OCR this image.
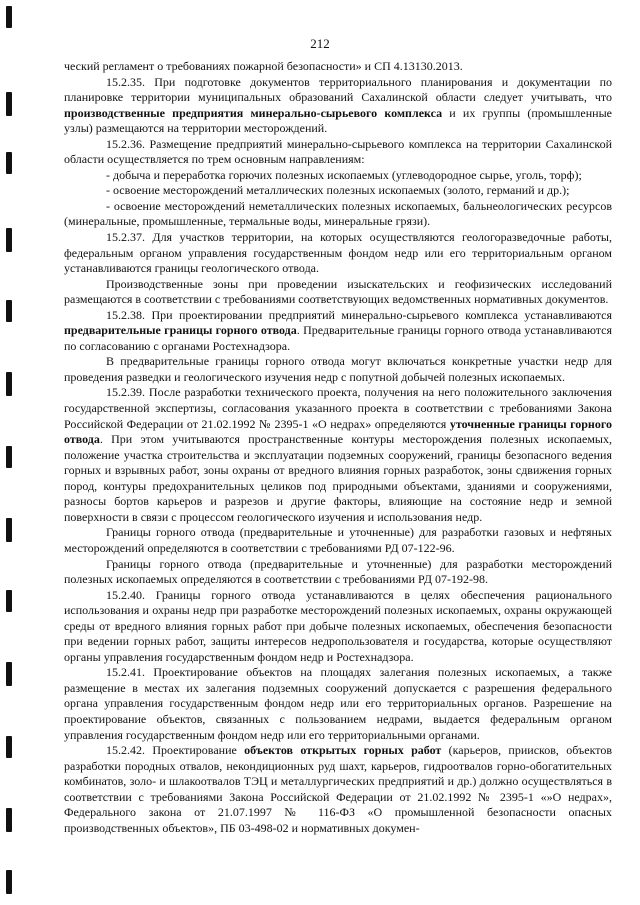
212

ческий регламент о требованиях пожарной безопасности» и СП 4.13130.2013.

15.2.35. При подготовке документов территориального планирования и документации по планировке территории муниципальных образований Сахалинской области следует учитывать, что производственные предприятия минерально-сырьевого комплекса и их группы (промышленные узлы) размещаются на территории месторождений.

15.2.36. Размещение предприятий минерально-сырьевого комплекса на территории Сахалинской области осуществляется по трем основным направлениям:

- добыча и переработка горючих полезных ископаемых (углеводородное сырье, уголь, торф);

- освоение месторождений металлических полезных ископаемых (золото, германий и др.);

- освоение месторождений неметаллических полезных ископаемых, бальнеологических ресурсов (минеральные, промышленные, термальные воды, минеральные грязи).

15.2.37. Для участков территории, на которых осуществляются геологоразведочные работы, федеральным органом управления государственным фондом недр или его территориальным органом устанавливаются границы геологического отвода.

Производственные зоны при проведении изыскательских и геофизических исследований размещаются в соответствии с требованиями соответствующих ведомственных нормативных документов.

15.2.38. При проектировании предприятий минерально-сырьевого комплекса устанавливаются предварительные границы горного отвода. Предварительные границы горного отвода устанавливаются по согласованию с органами Ростехнадзора.

В предварительные границы горного отвода могут включаться конкретные участки недр для проведения разведки и геологического изучения недр с попутной добычей полезных ископаемых.

15.2.39. После разработки технического проекта, получения на него положительного заключения государственной экспертизы, согласования указанного проекта в соответствии с требованиями Закона Российской Федерации от 21.02.1992 № 2395-1 «О недрах» определяются уточненные границы горного отвода. При этом учитываются пространственные контуры месторождения полезных ископаемых, положение участка строительства и эксплуатации подземных сооружений, границы безопасного ведения горных и взрывных работ, зоны охраны от вредного влияния горных разработок, зоны сдвижения горных пород, контуры предохранительных целиков под природными объектами, зданиями и сооружениями, разносы бортов карьеров и разрезов и другие факторы, влияющие на состояние недр и земной поверхности в связи с процессом геологического изучения и использования недр.

Границы горного отвода (предварительные и уточненные) для разработки газовых и нефтяных месторождений определяются в соответствии с требованиями РД 07-122-96.

Границы горного отвода (предварительные и уточненные) для разработки месторождений полезных ископаемых определяются в соответствии с требованиями РД 07-192-98.

15.2.40. Границы горного отвода устанавливаются в целях обеспечения рационального использования и охраны недр при разработке месторождений полезных ископаемых, охраны окружающей среды от вредного влияния горных работ при добыче полезных ископаемых, обеспечения безопасности при ведении горных работ, защиты интересов недропользователя и государства, которые осуществляют органы управления государственным фондом недр и Ростехнадзора.

15.2.41. Проектирование объектов на площадях залегания полезных ископаемых, а также размещение в местах их залегания подземных сооружений допускается с разрешения федерального органа управления государственным фондом недр или его территориальных органов. Разрешение на проектирование объектов, связанных с пользованием недрами, выдается федеральным органом управления государственным фондом недр или его территориальными органами.

15.2.42. Проектирование объектов открытых горных работ (карьеров, приисков, объектов разработки породных отвалов, некондиционных руд шахт, карьеров, гидроотвалов горно-обогатительных комбинатов, золо- и шлакоотвалов ТЭЦ и металлургических предприятий и др.) должно осуществляться в соответствии с требованиями Закона Российской Федерации от 21.02.1992 № 2395-1 «»О недрах», Федерального закона от 21.07.1997 № 116-ФЗ «О промышленной безопасности опасных производственных объектов», ПБ 03-498-02 и нормативных докумен-
